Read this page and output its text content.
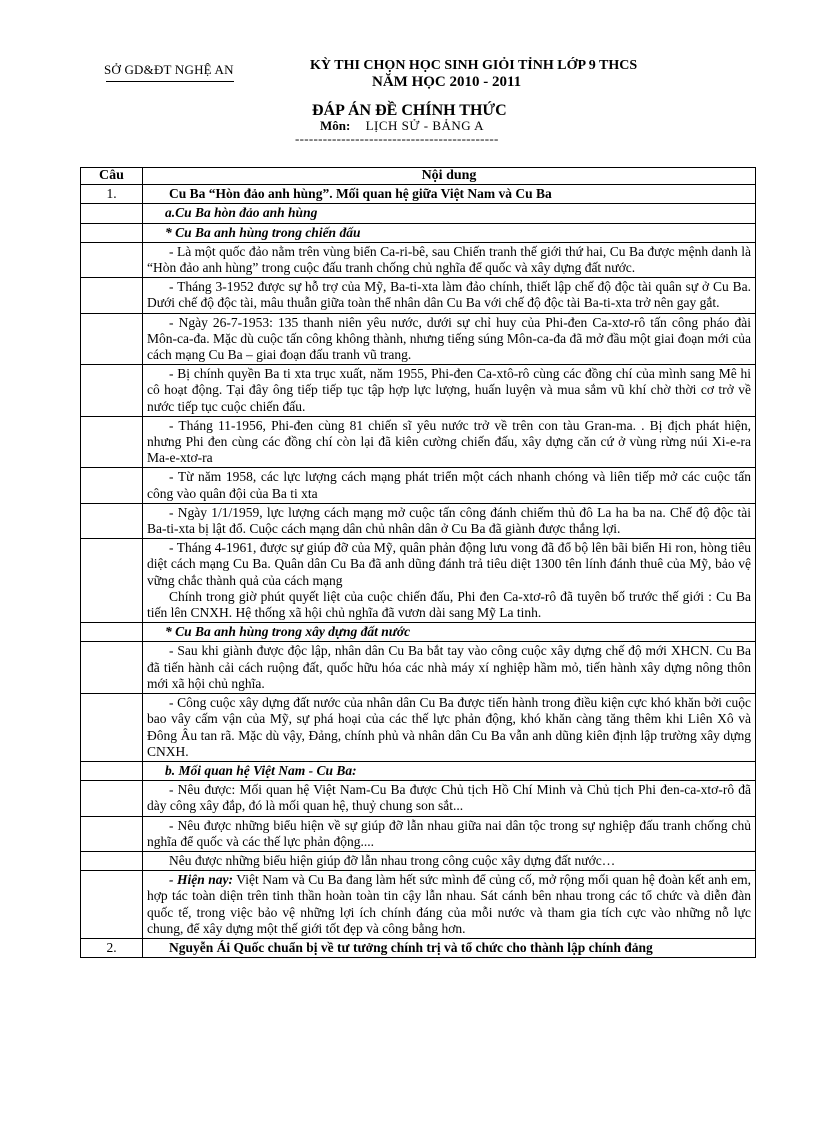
SỞ GD&ĐT NGHỆ AN	KỲ THI CHỌN HỌC SINH GIỎI TỈNH LỚP 9 THCS
NĂM HỌC 2010 - 2011
ĐÁP ÁN ĐỀ CHÍNH THỨC
Môn: LỊCH SỬ - BẢNG A
--------------------------------------------
Câu	Nội dung
1.	Cu Ba “Hòn đảo anh hùng”. Mối quan hệ giữa Việt Nam và Cu Ba
	a.Cu Ba hòn đảo anh hùng
	* Cu Ba anh hùng trong chiến đấu
	- Là một quốc đảo nằm trên vùng biển Ca-ri-bê, sau Chiến tranh thế giới thứ hai, Cu Ba được mệnh danh là “Hòn đảo anh hùng” trong cuộc đấu tranh chống chủ nghĩa để quốc và xây dựng đất nước.
	- Tháng 3-1952 được sự hỗ trợ của Mỹ, Ba-ti-xta làm đảo chính, thiết lập chế độ độc tài quân sự ở Cu Ba. Dưới chế độ độc tài, mâu thuẫn giữa toàn thể nhân dân Cu Ba với chế độ độc tài Ba-ti-xta trở nên gay gắt.
	- Ngày 26-7-1953: 135 thanh niên yêu nước, dưới sự chỉ huy của Phi-đen Ca-xtơ-rô tấn công pháo đài Môn-ca-đa. Mặc dù cuộc tấn công không thành, nhưng tiếng súng Môn-ca-đa đã mở đầu một giai đoạn mới của cách mạng Cu Ba – giai đoạn đấu tranh vũ trang.
	- Bị chính quyền Ba ti xta trục xuất, năm 1955, Phi-đen Ca-xtô-rô cùng các đồng chí của mình sang Mê hi cô hoạt động. Tại đây ông tiếp tiếp tục tập hợp lực lượng, huấn luyện và mua sắm vũ khí chờ thời cơ trở về nước tiếp tục cuộc chiến đấu.
	- Tháng 11-1956, Phi-đen cùng 81 chiến sĩ yêu nước trở về trên con tàu Gran-ma. . Bị địch phát hiện, nhưng Phi đen cùng các đồng chí còn lại đã kiên cường chiến đấu, xây dựng căn cứ ở vùng rừng núi Xi-e-ra Ma-e-xtơ-ra
	- Từ năm 1958, các lực lượng cách mạng phát triển một cách nhanh chóng và liên tiếp mở các cuộc tấn công vào quân đội của Ba ti xta
	- Ngày 1/1/1959, lực lượng cách mạng mở cuộc tấn công đánh chiếm thủ đô La ha ba na. Chế độ độc tài Ba-ti-xta bị lật đổ. Cuộc cách mạng dân chủ nhân dân ở Cu Ba đã giành được thắng lợi.

	- Tháng 4-1961, được sự giúp đỡ của Mỹ, quân phản động lưu vong đã đổ bộ lên bãi biển Hi ron, hòng tiêu diệt cách mạng Cu Ba. Quân dân Cu Ba đã anh dũng đánh trả tiêu diệt 1300 tên lính đánh thuê của Mỹ, bảo vệ vững chắc thành quả của cách mạng

Chính trong giờ phút quyết liệt của cuộc chiến đấu, Phi đen Ca-xtơ-rô đã tuyên bố trước thế giới : Cu Ba tiến lên CNXH. Hệ thống xã hội chủ nghĩa đã vươn dài sang Mỹ La tinh.

	* Cu Ba anh hùng trong xây dựng đất nước
	- Sau khi giành được độc lập, nhân dân Cu Ba bắt tay vào công cuộc xây dựng chế độ mới XHCN. Cu Ba đã tiến hành cải cách ruộng đất, quốc hữu hóa các nhà máy xí nghiệp hầm mỏ, tiến hành xây dựng nông thôn mới xã hội chủ nghĩa.
	- Công cuộc xây dựng đất nước của nhân dân Cu Ba được tiến hành trong điều kiện cực khó khăn bởi cuộc bao vây cấm vận của Mỹ, sự phá hoại của các thế lực phản động, khó khăn càng tăng thêm khi Liên Xô và Đông Âu tan rã. Mặc dù vậy, Đảng, chính phủ và nhân dân Cu Ba vẫn anh dũng kiên định lập trường xây dựng CNXH.
	b. Mối quan hệ Việt Nam - Cu Ba:
	- Nêu được: Mối quan hệ Việt Nam-Cu Ba được Chủ tịch Hồ Chí Minh và Chủ tịch Phi đen-ca-xtơ-rô đã dày công xây đắp, đó là mối quan hệ, thuỷ chung son sắt...
	- Nêu được những biểu hiện về sự giúp đỡ lẫn nhau giữa nai dân tộc trong sự nghiệp đấu tranh chống chủ nghĩa để quốc và các thế lực phản động....
	Nêu được những biểu hiện giúp đỡ lẫn nhau trong công cuộc xây dựng đất nước…
	- Hiện nay: Việt Nam và Cu Ba đang làm hết sức mình để củng cố, mở rộng mối quan hệ đoàn kết anh em, hợp tác toàn diện trên tinh thần hoàn toàn tin cậy lẫn nhau. Sát cánh bên nhau trong các tổ chức và diễn đàn quốc tế, trong việc bảo vệ những lợi ích chính đáng của mỗi nước và tham gia tích cực vào những nỗ lực chung, để xây dựng một thế giới tốt đẹp và công bằng hơn.
2.	Nguyễn Ái Quốc chuẩn bị về tư tưởng chính trị và tổ chức cho thành lập chính đảng
